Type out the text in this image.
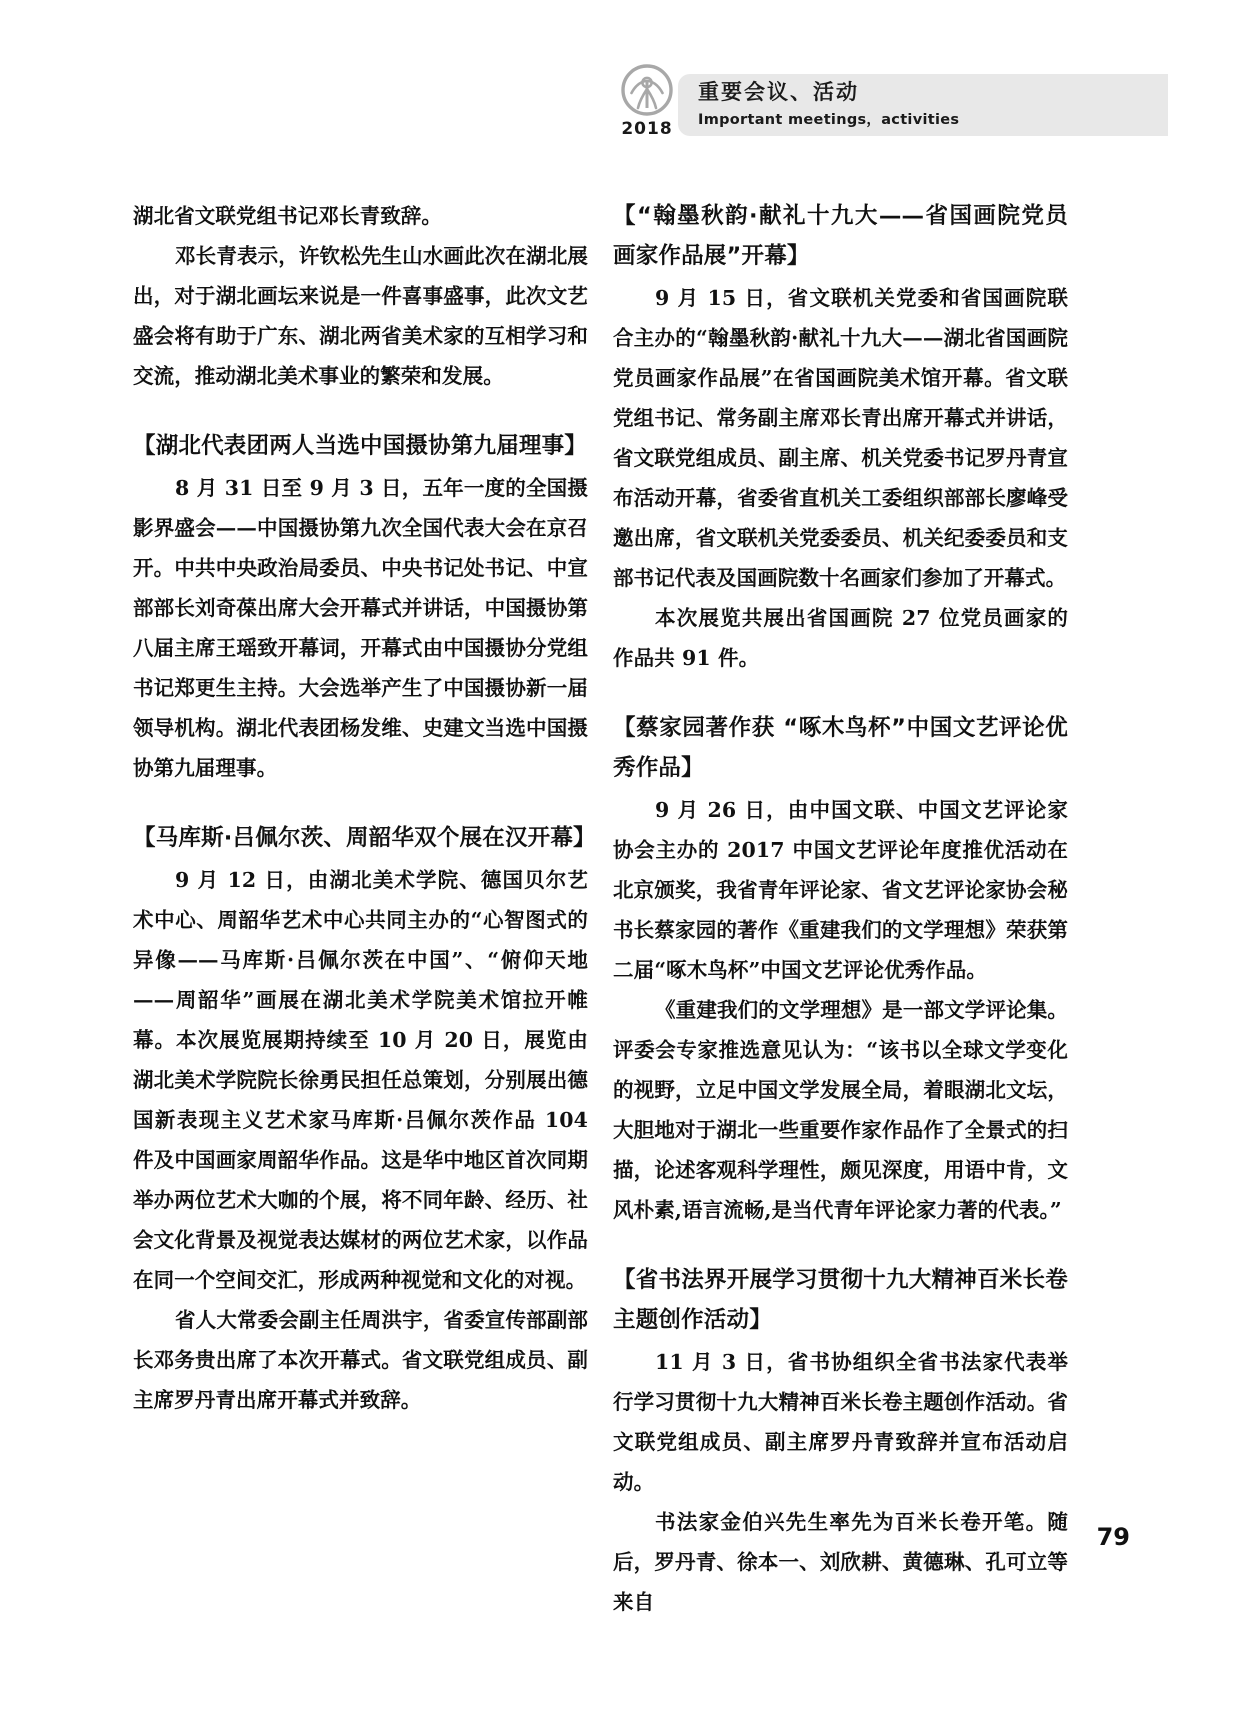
2018
重要会议、活动
Important meetings，activities

湖北省文联党组书记邓长青致辞。

邓长青表示，许钦松先生山水画此次在湖北展出，对于湖北画坛来说是一件喜事盛事，此次文艺盛会将有助于广东、湖北两省美术家的互相学习和交流，推动湖北美术事业的繁荣和发展。

【湖北代表团两人当选中国摄协第九届理事】

8 月 31 日至 9 月 3 日，五年一度的全国摄影界盛会——中国摄协第九次全国代表大会在京召开。中共中央政治局委员、中央书记处书记、中宣部部长刘奇葆出席大会开幕式并讲话，中国摄协第八届主席王瑶致开幕词，开幕式由中国摄协分党组书记郑更生主持。大会选举产生了中国摄协新一届领导机构。湖北代表团杨发维、史建文当选中国摄协第九届理事。

【马库斯·吕佩尔茨、周韶华双个展在汉开幕】

9 月 12 日，由湖北美术学院、德国贝尔艺术中心、周韶华艺术中心共同主办的“心智图式的异像——马库斯·吕佩尔茨在中国”、“俯仰天地——周韶华”画展在湖北美术学院美术馆拉开帷幕。本次展览展期持续至 10 月 20 日，展览由湖北美术学院院长徐勇民担任总策划，分别展出德国新表现主义艺术家马库斯·吕佩尔茨作品 104 件及中国画家周韶华作品。这是华中地区首次同期举办两位艺术大咖的个展，将不同年龄、经历、社会文化背景及视觉表达媒材的两位艺术家，以作品在同一个空间交汇，形成两种视觉和文化的对视。

省人大常委会副主任周洪宇，省委宣传部副部长邓务贵出席了本次开幕式。省文联党组成员、副主席罗丹青出席开幕式并致辞。

【“翰墨秋韵·献礼十九大——省国画院党员画家作品展”开幕】

9 月 15 日，省文联机关党委和省国画院联合主办的“翰墨秋韵·献礼十九大——湖北省国画院党员画家作品展”在省国画院美术馆开幕。省文联党组书记、常务副主席邓长青出席开幕式并讲话，省文联党组成员、副主席、机关党委书记罗丹青宣布活动开幕，省委省直机关工委组织部部长廖峰受邀出席，省文联机关党委委员、机关纪委委员和支部书记代表及国画院数十名画家们参加了开幕式。

本次展览共展出省国画院 27 位党员画家的作品共 91 件。

【蔡家园著作获 “啄木鸟杯”中国文艺评论优秀作品】

9 月 26 日，由中国文联、中国文艺评论家协会主办的 2017 中国文艺评论年度推优活动在北京颁奖，我省青年评论家、省文艺评论家协会秘书长蔡家园的著作《重建我们的文学理想》荣获第二届“啄木鸟杯”中国文艺评论优秀作品。

《重建我们的文学理想》是一部文学评论集。评委会专家推选意见认为：“该书以全球文学变化的视野，立足中国文学发展全局，着眼湖北文坛，大胆地对于湖北一些重要作家作品作了全景式的扫描，论述客观科学理性，颇见深度，用语中肯，文风朴素,语言流畅,是当代青年评论家力著的代表。”

【省书法界开展学习贯彻十九大精神百米长卷主题创作活动】

11 月 3 日，省书协组织全省书法家代表举行学习贯彻十九大精神百米长卷主题创作活动。省文联党组成员、副主席罗丹青致辞并宣布活动启动。

书法家金伯兴先生率先为百米长卷开笔。随后，罗丹青、徐本一、刘欣耕、黄德琳、孔可立等来自

79
